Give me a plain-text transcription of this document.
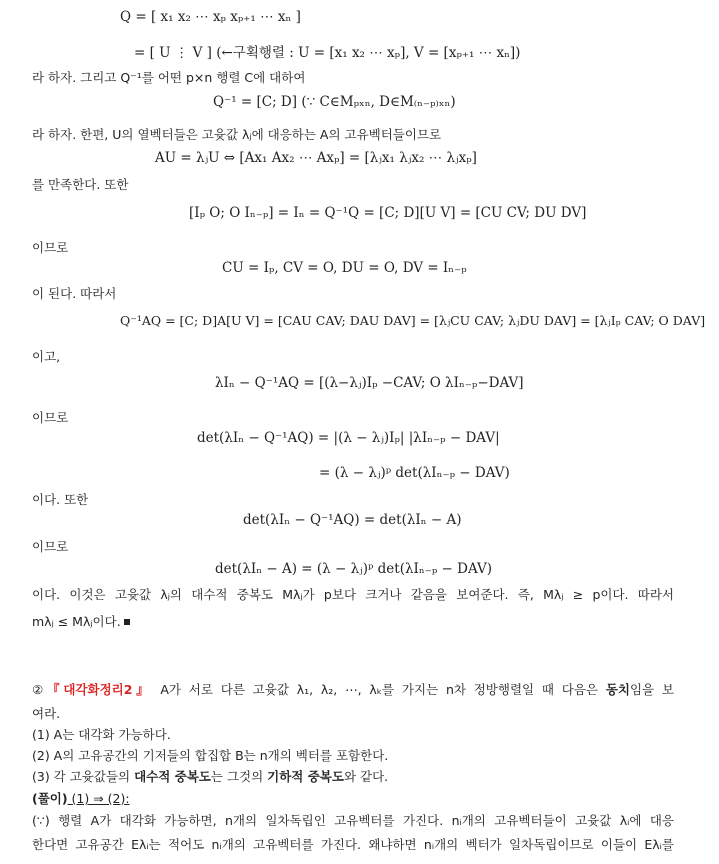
Q = [ x₁ x₂ ⋯ xₚ xₚ₊₁ ⋯ xₙ ]
= [ U ⋮ V ] (←구획행렬 : U = [x₁ x₂ ⋯ xₚ], V = [xₚ₊₁ ⋯ xₙ])
라 하자. 그리고 Q⁻¹를 어떤 p×n 행렬 C에 대하여
Q⁻¹ = [C; D] (∵ C∈Mₚₓₙ, D∈M₍ₙ₋ₚ₎ₓₙ)
라 하자. 한편, U의 열벡터들은 고윳값 λⱼ에 대응하는 A의 고유벡터들이므로
AU = λⱼU ⇔ [Ax₁ Ax₂ ⋯ Axₚ] = [λⱼx₁ λⱼx₂ ⋯ λⱼxₚ]
를 만족한다. 또한
[Iₚ O; O Iₙ₋ₚ] = Iₙ = Q⁻¹Q = [C; D][U V] = [CU CV; DU DV]
이므로
CU = Iₚ, CV = O, DU = O, DV = Iₙ₋ₚ
이 된다. 따라서
Q⁻¹AQ = [C; D]A[U V] = [CAU CAV; DAU DAV] = [λⱼCU CAV; λⱼDU DAV] = [λⱼIₚ CAV; O DAV]
이고,
λIₙ − Q⁻¹AQ = [(λ−λⱼ)Iₚ −CAV; O λIₙ₋ₚ−DAV]
이므로
det(λIₙ − Q⁻¹AQ) = |(λ − λⱼ)Iₚ| |λIₙ₋ₚ − DAV|
= (λ − λⱼ)ᵖ det(λIₙ₋ₚ − DAV)
이다. 또한
det(λIₙ − Q⁻¹AQ) = det(λIₙ − A)
이므로
det(λIₙ − A) = (λ − λⱼ)ᵖ det(λIₙ₋ₚ − DAV)
이다. 이것은 고윳값 λⱼ의 대수적 중복도 Mλⱼ가 p보다 크거나 같음을 보여준다. 즉, Mλⱼ ≥ p이다. 따라서
mλⱼ ≤ Mλⱼ이다.
②『대각화정리2』 A가 서로 다른 고윳값 λ₁, λ₂, ⋯, λₖ를 가지는 n차 정방행렬일 때 다음은 동치임을 보
여라.
(1) A는 대각화 가능하다.
(2) A의 고유공간의 기저들의 합집합 B는 n개의 벡터를 포함한다.
(3) 각 고윳값들의 대수적 중복도는 그것의 기하적 중복도와 같다.
(풀이) (1) ⇒ (2):
(∵) 행렬 A가 대각화 가능하면, n개의 일차독립인 고유벡터를 가진다. nᵢ개의 고유벡터들이 고윳값 λᵢ에 대응
한다면 고유공간 Eλᵢ는 적어도 nᵢ개의 고유벡터를 가진다. 왜냐하면 nᵢ개의 벡터가 일차독립이므로 이들이 Eλᵢ를
